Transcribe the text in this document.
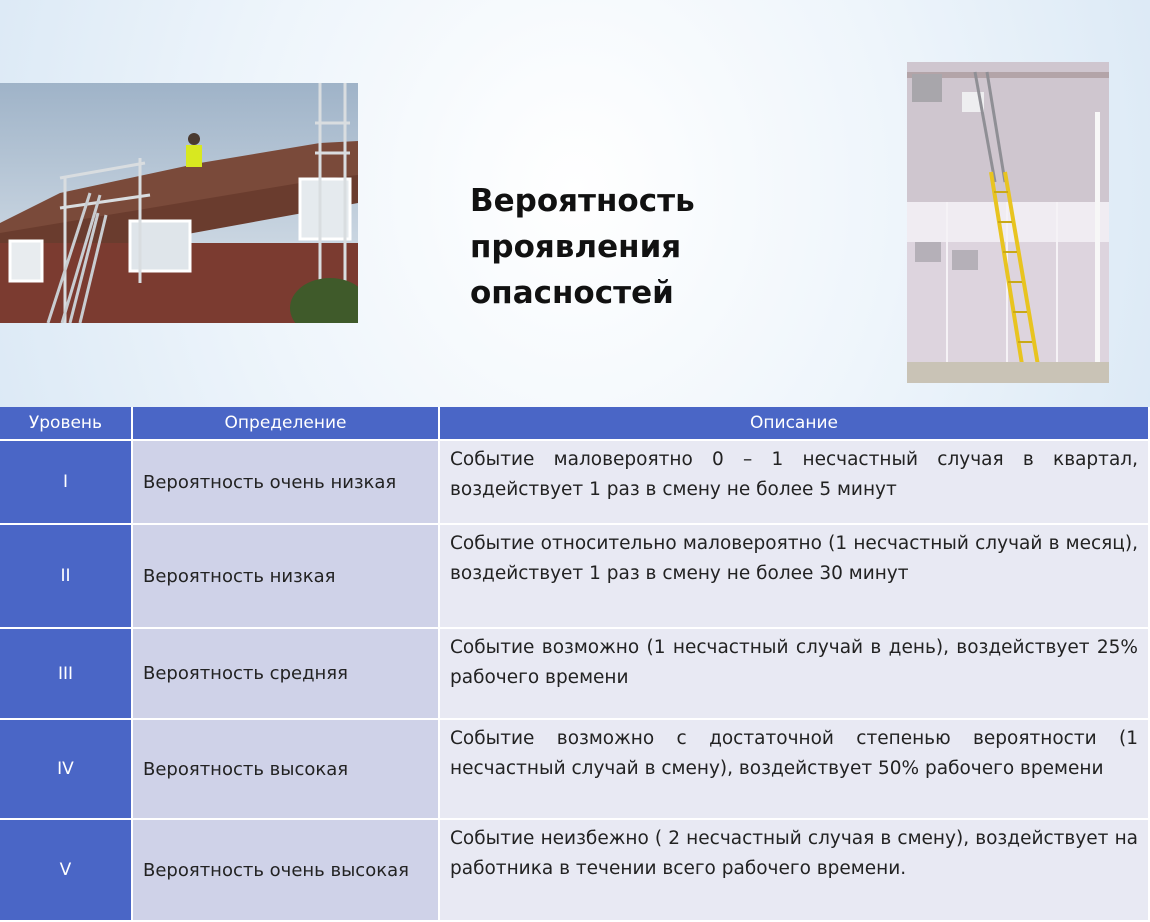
Вероятность
проявления
опасностей
Уровень	Определение	Описание
I	Вероятность очень низкая	Событие маловероятно 0 – 1 несчастный случая в квартал, воздействует 1 раз в смену не более 5 минут
II	Вероятность низкая	Событие относительно маловероятно (1 несчастный случай в месяц), воздействует 1 раз в смену не более 30 минут
III	Вероятность средняя	Событие возможно (1 несчастный случай в день), воздействует 25% рабочего времени
IV	Вероятность высокая	Событие возможно с достаточной степенью вероятности (1 несчастный случай в смену), воздействует 50% рабочего времени
V	Вероятность очень высокая	Событие неизбежно ( 2 несчастный случая в смену), воздействует на работника в течении всего рабочего времени.
